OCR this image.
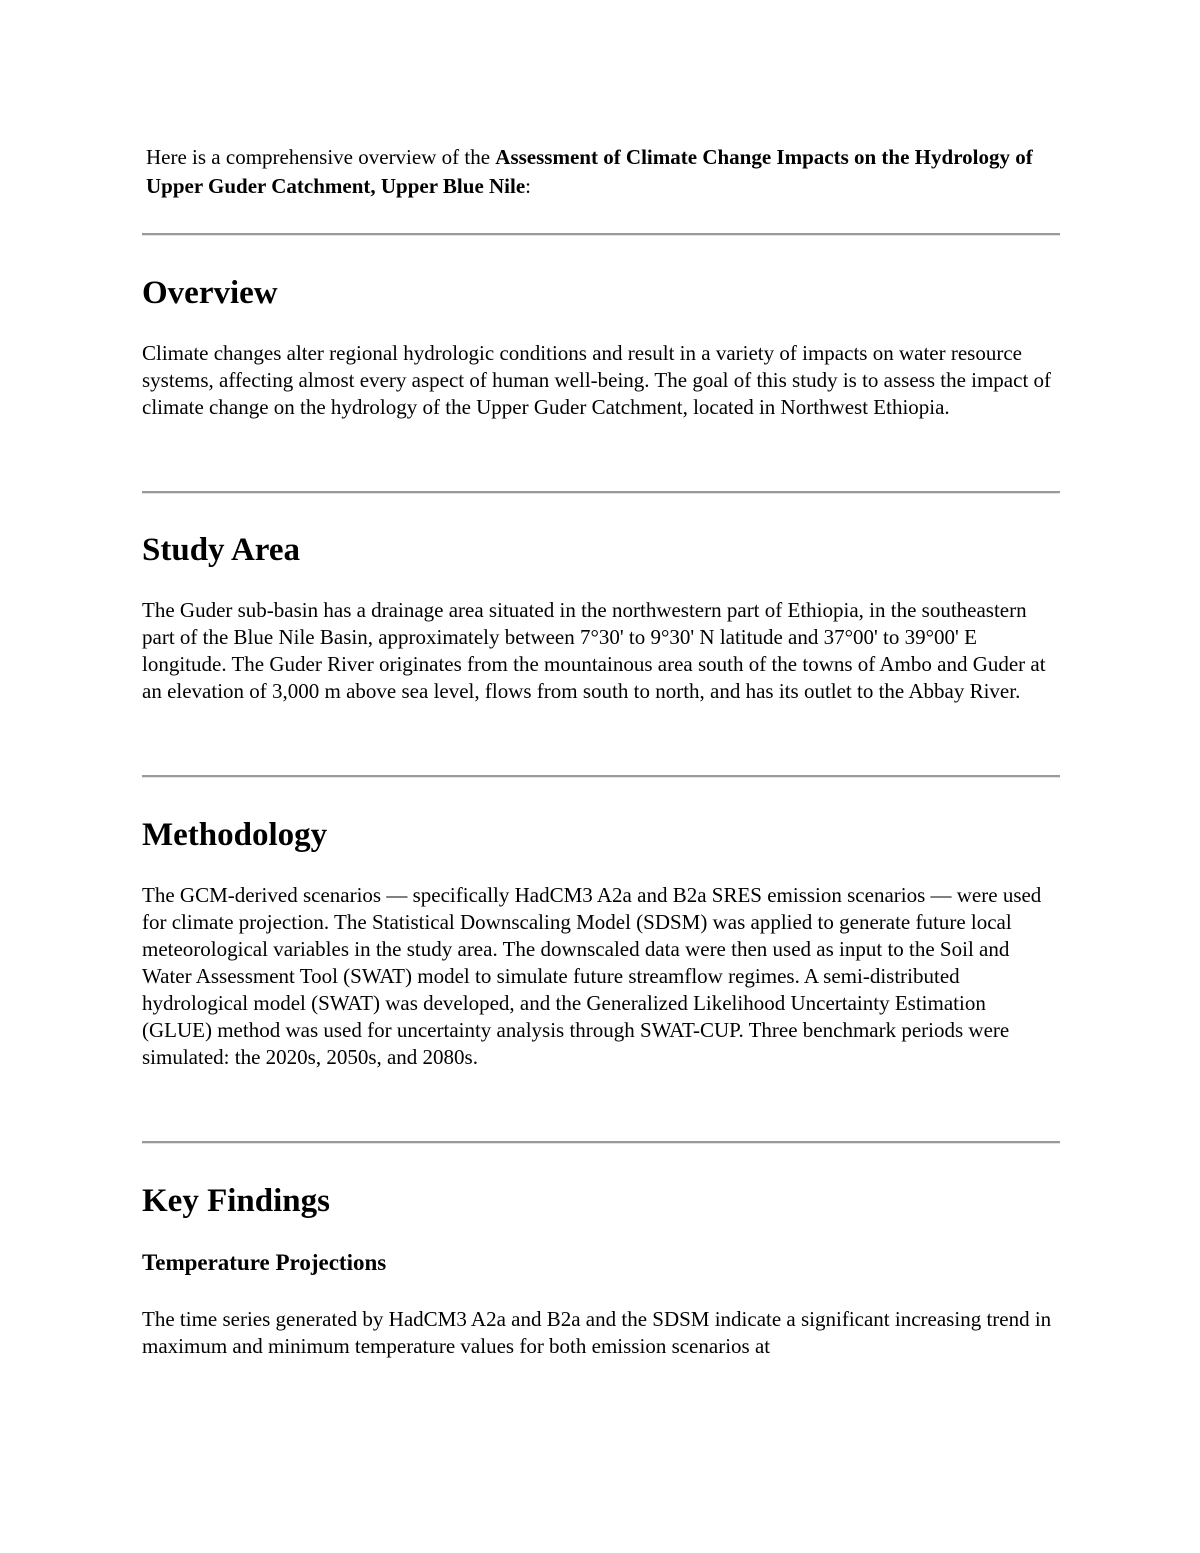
Here is a comprehensive overview of the Assessment of Climate Change Impacts on the Hydrology of Upper Guder Catchment, Upper Blue Nile:
Overview

Climate changes alter regional hydrologic conditions and result in a variety of impacts on water resource systems, affecting almost every aspect of human well-being. The goal of this study is to assess the impact of climate change on the hydrology of the Upper Guder Catchment, located in Northwest Ethiopia.

Study Area

The Guder sub-basin has a drainage area situated in the northwestern part of Ethiopia, in the southeastern part of the Blue Nile Basin, approximately between 7°30' to 9°30' N latitude and 37°00' to 39°00' E longitude. The Guder River originates from the mountainous area south of the towns of Ambo and Guder at an elevation of 3,000 m above sea level, flows from south to north, and has its outlet to the Abbay River.

Methodology

The GCM-derived scenarios — specifically HadCM3 A2a and B2a SRES emission scenarios — were used for climate projection. The Statistical Downscaling Model (SDSM) was applied to generate future local meteorological variables in the study area. The downscaled data were then used as input to the Soil and Water Assessment Tool (SWAT) model to simulate future streamflow regimes. A semi-distributed hydrological model (SWAT) was developed, and the Generalized Likelihood Uncertainty Estimation (GLUE) method was used for uncertainty analysis through SWAT-CUP. Three benchmark periods were simulated: the 2020s, 2050s, and 2080s.

Key Findings
Temperature Projections

The time series generated by HadCM3 A2a and B2a and the SDSM indicate a significant increasing trend in maximum and minimum temperature values for both emission scenarios at
